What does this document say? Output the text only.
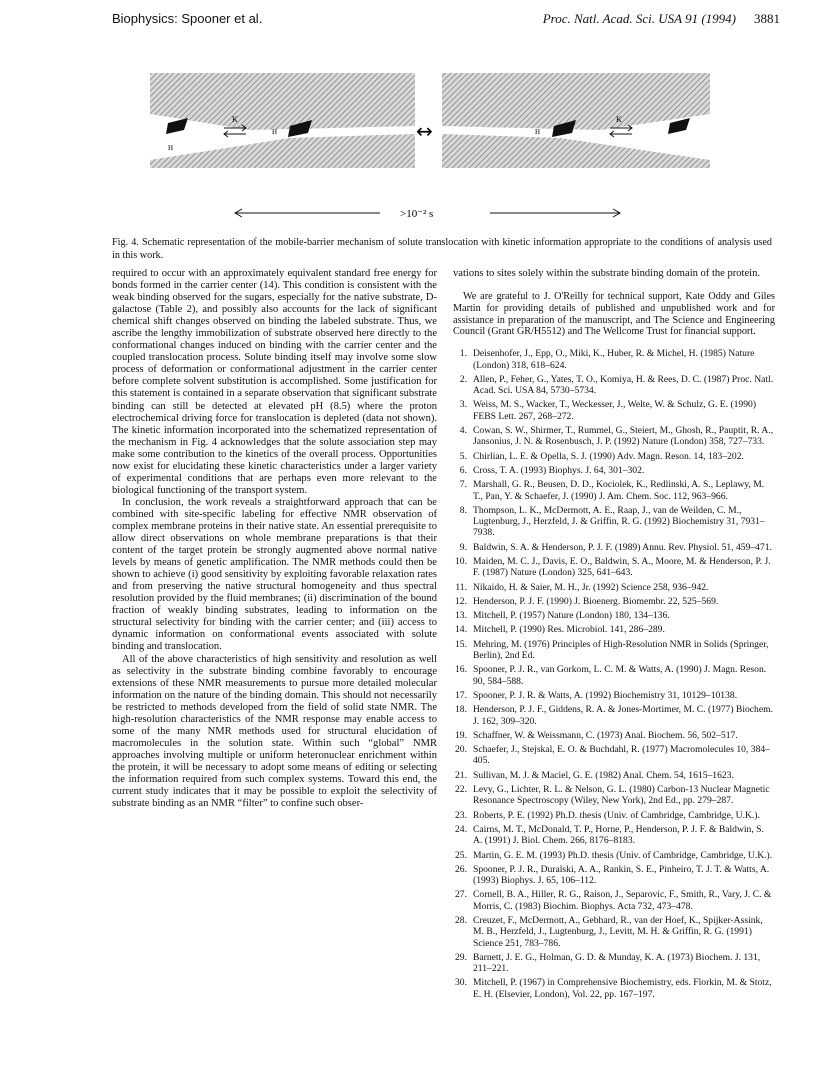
Biophysics: Spooner et al.	Proc. Natl. Acad. Sci. USA 91 (1994) 3881
K	K
H
H	H
↔
>10⁻² s
Fig. 4. Schematic representation of the mobile-barrier mechanism of solute translocation with kinetic information appropriate to the conditions of analysis used in this work.

required to occur with an approximately equivalent standard free energy for bonds formed in the carrier center (14). This condition is consistent with the weak binding observed for the sugars, especially for the native substrate, D-galactose (Table 2), and possibly also accounts for the lack of significant chemical shift changes observed on binding the labeled substrate. Thus, we ascribe the lengthy immobilization of substrate observed here directly to the conformational changes induced on binding with the carrier center and the coupled translocation process. Solute binding itself may involve some slow process of deformation or conformational adjustment in the carrier center before complete solvent substitution is accomplished. Some justification for this statement is contained in a separate observation that significant substrate binding can still be detected at elevated pH (8.5) where the proton electrochemical driving force for translocation is depleted (data not shown). The kinetic information incorporated into the schematized representation of the mechanism in Fig. 4 acknowledges that the solute association step may make some contribution to the kinetics of the overall process. Opportunities now exist for elucidating these kinetic characteristics under a larger variety of experimental conditions that are perhaps even more relevant to the biological functioning of the transport system.

In conclusion, the work reveals a straightforward approach that can be combined with site-specific labeling for effective NMR observation of complex membrane proteins in their native state. An essential prerequisite to allow direct observations on whole membrane preparations is that their content of the target protein be strongly augmented above normal native levels by means of genetic amplification. The NMR methods could then be shown to achieve (i) good sensitivity by exploiting favorable relaxation rates and from preserving the native structural homogeneity and thus spectral resolution provided by the fluid membranes; (ii) discrimination of the bound fraction of weakly binding substrates, leading to information on the structural selectivity for binding with the carrier center; and (iii) access to dynamic information on conformational events associated with solute binding and translocation.

All of the above characteristics of high sensitivity and resolution as well as selectivity in the substrate binding combine favorably to encourage extensions of these NMR measurements to pursue more detailed molecular information on the nature of the binding domain. This should not necessarily be restricted to methods developed from the field of solid state NMR. The high-resolution characteristics of the NMR response may enable access to some of the many NMR methods used for structural elucidation of macromolecules in the solution state. Within such “global” NMR approaches involving multiple or uniform heteronuclear enrichment within the protein, it will be necessary to adopt some means of editing or selecting the information required from such complex systems. Toward this end, the current study indicates that it may be possible to exploit the selectivity of substrate binding as an NMR “filter” to confine such obser-

vations to sites solely within the substrate binding domain of the protein.

We are grateful to J. O'Reilly for technical support, Kate Oddy and Giles Martin for providing details of published and unpublished work and for assistance in preparation of the manuscript, and The Science and Engineering Council (Grant GR/H5512) and The Wellcome Trust for financial support.

1. Deisenhofer, J., Epp, O., Miki, K., Huber, R. & Michel, H. (1985) Nature (London) 318, 618–624.
2. Allen, P., Feher, G., Yates, T. O., Komiya, H. & Rees, D. C. (1987) Proc. Natl. Acad. Sci. USA 84, 5730–5734.
3. Weiss, M. S., Wacker, T., Weckesser, J., Welte, W. & Schulz, G. E. (1990) FEBS Lett. 267, 268–272.
4. Cowan, S. W., Shirmer, T., Rummel, G., Steiert, M., Ghosh, R., Pauptit, R. A., Jansonius, J. N. & Rosenbusch, J. P. (1992) Nature (London) 358, 727–733.
5. Chirlian, L. E. & Opella, S. J. (1990) Adv. Magn. Reson. 14, 183–202.
6. Cross, T. A. (1993) Biophys. J. 64, 301–302.
7. Marshall, G. R., Beusen, D. D., Kociolek, K., Redlinski, A. S., Leplawy, M. T., Pan, Y. & Schaefer, J. (1990) J. Am. Chem. Soc. 112, 963–966.
8. Thompson, L. K., McDermott, A. E., Raap, J., van de Weilden, C. M., Lugtenburg, J., Herzfeld, J. & Griffin, R. G. (1992) Biochemistry 31, 7931–7938.
9. Baldwin, S. A. & Henderson, P. J. F. (1989) Annu. Rev. Physiol. 51, 459–471.
10. Maiden, M. C. J., Davis, E. O., Baldwin, S. A., Moore, M. & Henderson, P. J. F. (1987) Nature (London) 325, 641–643.
11. Nikaido, H. & Saier, M. H., Jr. (1992) Science 258, 936–942.
12. Henderson, P. J. F. (1990) J. Bioenerg. Biomembr. 22, 525–569.
13. Mitchell, P. (1957) Nature (London) 180, 134–136.
14. Mitchell, P. (1990) Res. Microbiol. 141, 286–289.
15. Mehring, M. (1976) Principles of High-Resolution NMR in Solids (Springer, Berlin), 2nd Ed.
16. Spooner, P. J. R., van Gorkom, L. C. M. & Watts, A. (1990) J. Magn. Reson. 90, 584–588.
17. Spooner, P. J. R. & Watts, A. (1992) Biochemistry 31, 10129–10138.
18. Henderson, P. J. F., Giddens, R. A. & Jones-Mortimer, M. C. (1977) Biochem. J. 162, 309–320.
19. Schaffner, W. & Weissmann, C. (1973) Anal. Biochem. 56, 502–517.
20. Schaefer, J., Stejskal, E. O. & Buchdahl, R. (1977) Macromolecules 10, 384–405.
21. Sullivan, M. J. & Maciel, G. E. (1982) Anal. Chem. 54, 1615–1623.
22. Levy, G., Lichter, R. L. & Nelson, G. L. (1980) Carbon-13 Nuclear Magnetic Resonance Spectroscopy (Wiley, New York), 2nd Ed., pp. 279–287.
23. Roberts, P. E. (1992) Ph.D. thesis (Univ. of Cambridge, Cambridge, U.K.).
24. Cairns, M. T., McDonald, T. P., Horne, P., Henderson, P. J. F. & Baldwin, S. A. (1991) J. Biol. Chem. 266, 8176–8183.
25. Martin, G. E. M. (1993) Ph.D. thesis (Univ. of Cambridge, Cambridge, U.K.).
26. Spooner, P. J. R., Duralski, A. A., Rankin, S. E., Pinheiro, T. J. T. & Watts, A. (1993) Biophys. J. 65, 106–112.
27. Cornell, B. A., Hiller, R. G., Raison, J., Separovic, F., Smith, R., Vary, J. C. & Morris, C. (1983) Biochim. Biophys. Acta 732, 473–478.
28. Creuzet, F., McDermott, A., Gebhard, R., van der Hoef, K., Spijker-Assink, M. B., Herzfeld, J., Lugtenburg, J., Levitt, M. H. & Griffin, R. G. (1991) Science 251, 783–786.
29. Barnett, J. E. G., Holman, G. D. & Munday, K. A. (1973) Biochem. J. 131, 211–221.
30. Mitchell, P. (1967) in Comprehensive Biochemistry, eds. Florkin, M. & Stotz, E. H. (Elsevier, London), Vol. 22, pp. 167–197.
